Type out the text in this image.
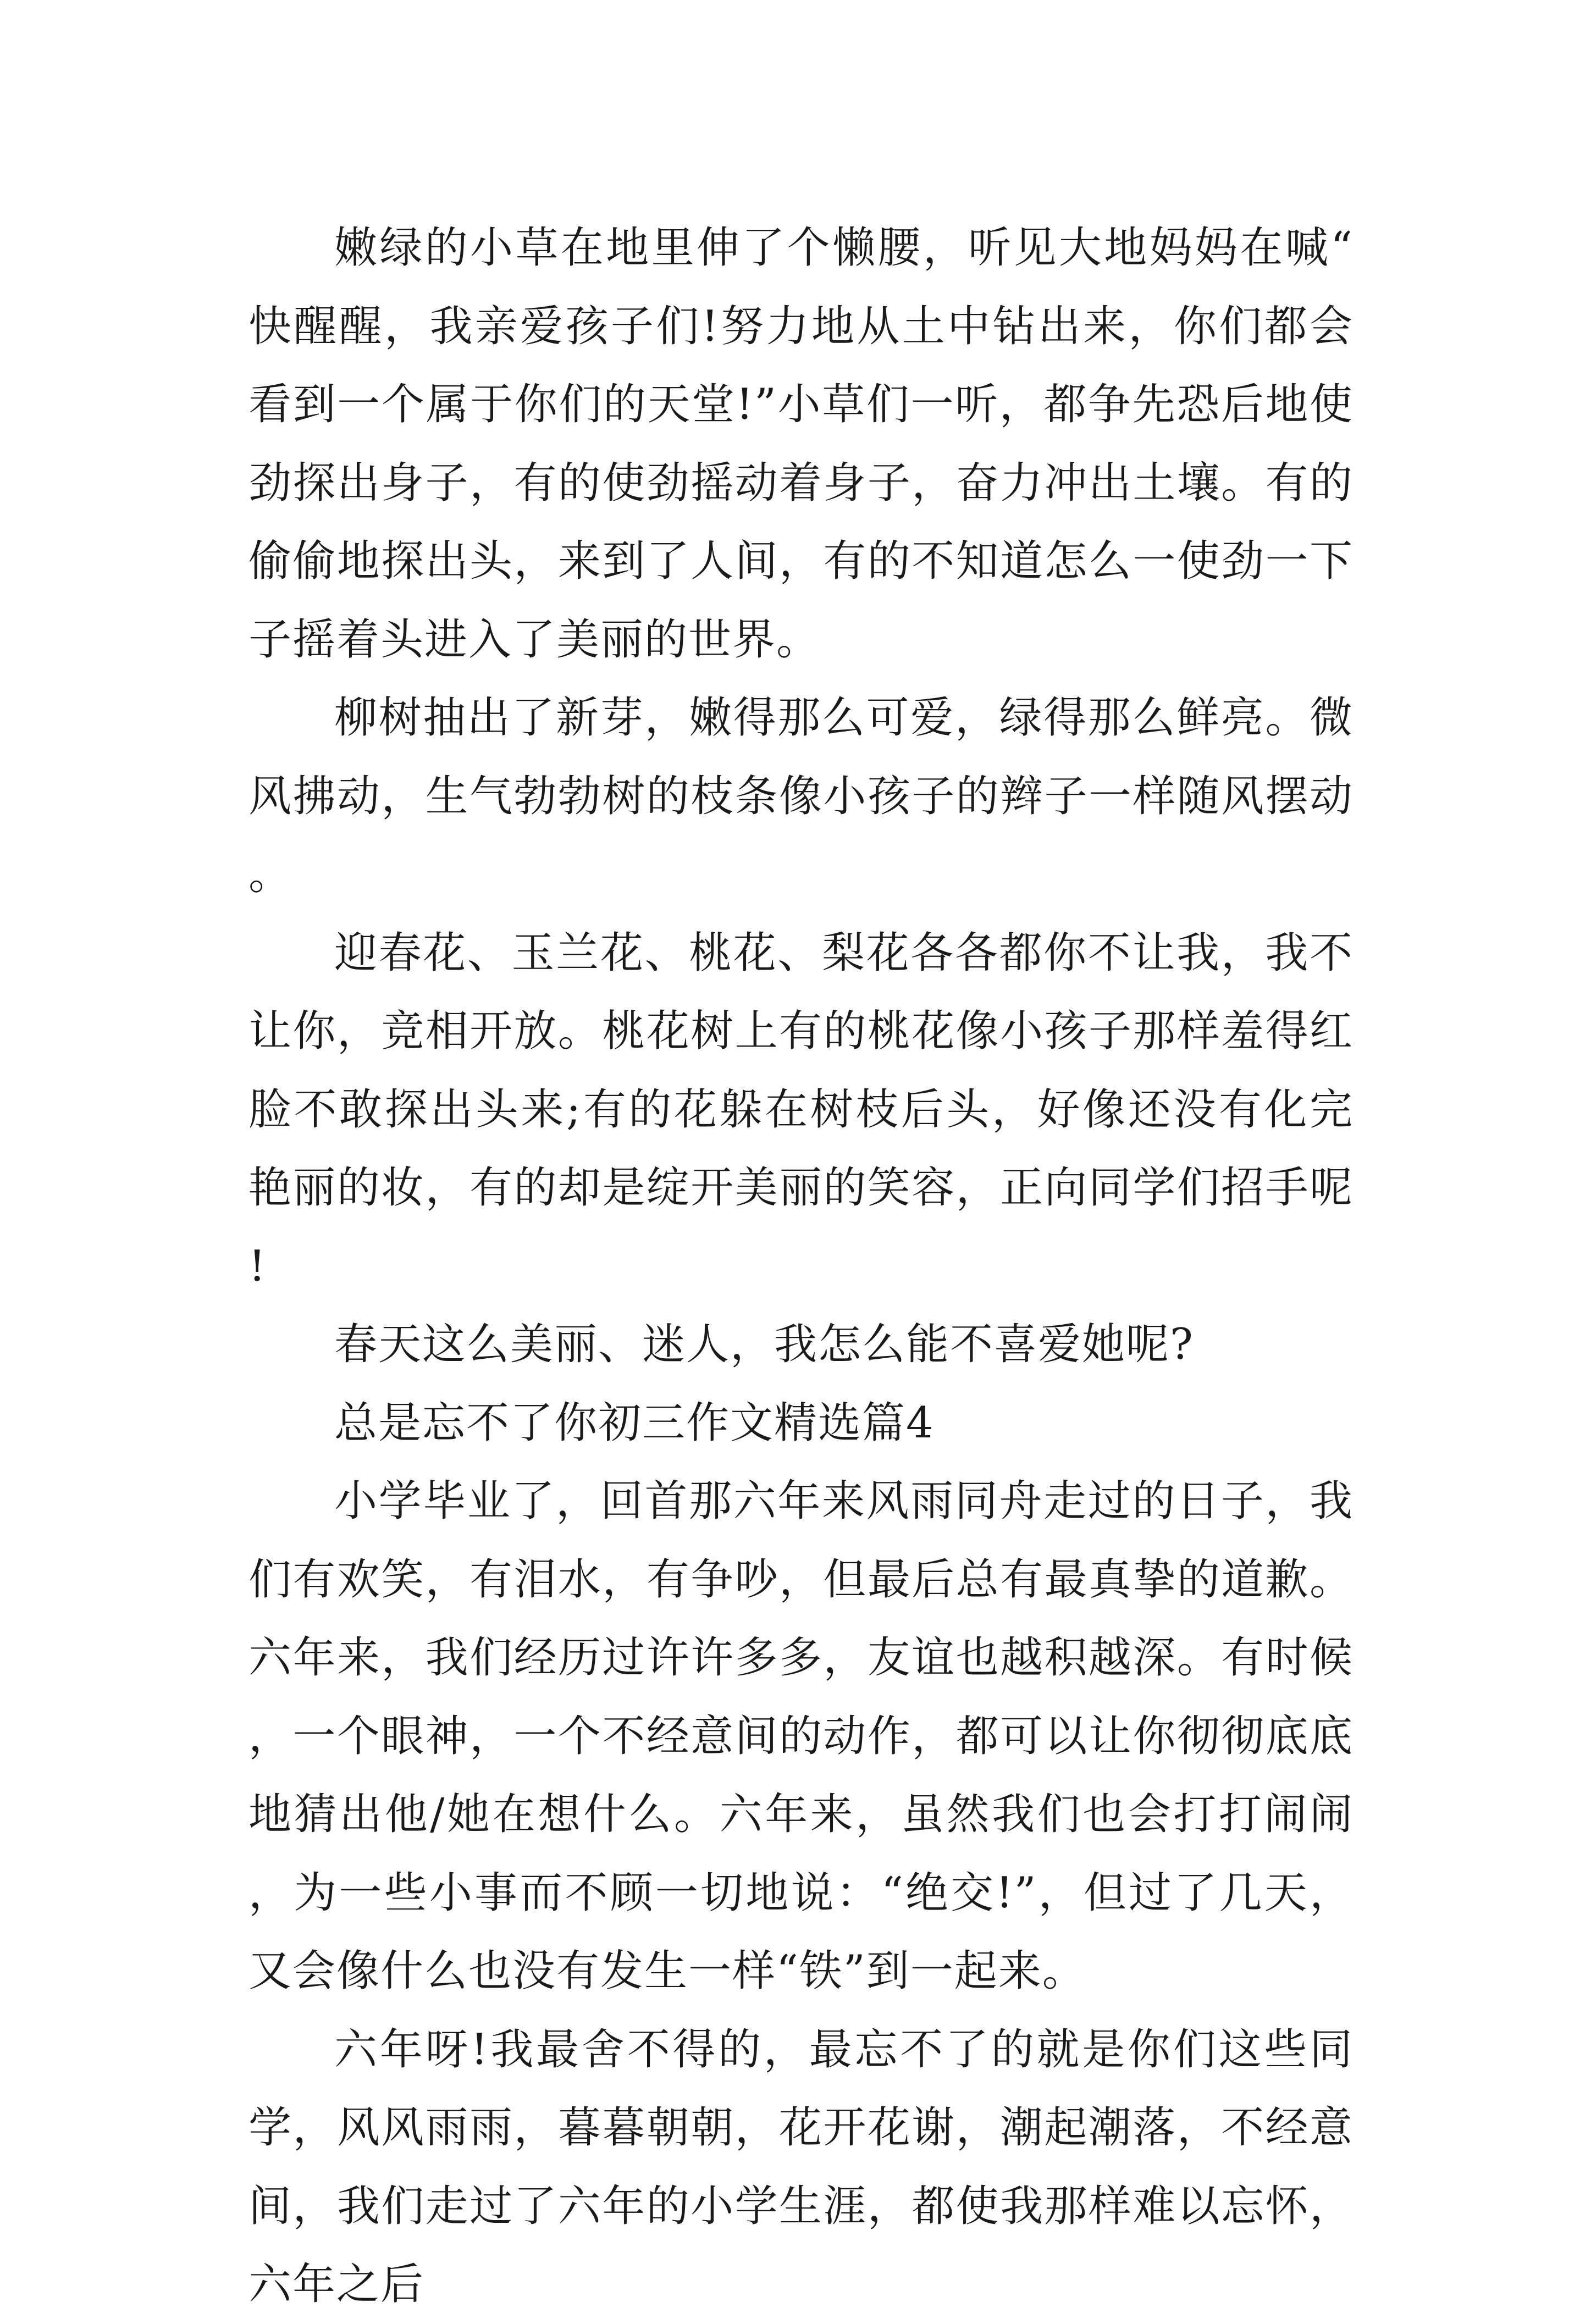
嫩绿的小草在地里伸了个懒腰，听见大地妈妈在喊“快醒醒，我亲爱孩子们!努力地从土中钻出来，你们都会看到一个属于你们的天堂!”小草们一听，都争先恐后地使劲探出身子，有的使劲摇动着身子，奋力冲出土壤。有的偷偷地探出头，来到了人间，有的不知道怎么一使劲一下子摇着头进入了美丽的世界。

柳树抽出了新芽，嫩得那么可爱，绿得那么鲜亮。微风拂动，生气勃勃树的枝条像小孩子的辫子一样随风摆动。

迎春花、玉兰花、桃花、梨花各各都你不让我，我不让你，竞相开放。桃花树上有的桃花像小孩子那样羞得红脸不敢探出头来;有的花躲在树枝后头，好像还没有化完艳丽的妆，有的却是绽开美丽的笑容，正向同学们招手呢!

春天这么美丽、迷人，我怎么能不喜爱她呢?

总是忘不了你初三作文精选篇4

小学毕业了，回首那六年来风雨同舟走过的日子，我们有欢笑，有泪水，有争吵，但最后总有最真挚的道歉。六年来，我们经历过许许多多，友谊也越积越深。有时候，一个眼神，一个不经意间的动作，都可以让你彻彻底底地猜出他/她在想什么。六年来，虽然我们也会打打闹闹，为一些小事而不顾一切地说：“绝交!”，但过了几天，又会像什么也没有发生一样“铁”到一起来。

六年呀!我最舍不得的，最忘不了的就是你们这些同学，风风雨雨，暮暮朝朝，花开花谢，潮起潮落，不经意间，我们走过了六年的小学生涯，都使我那样难以忘怀，六年之后
